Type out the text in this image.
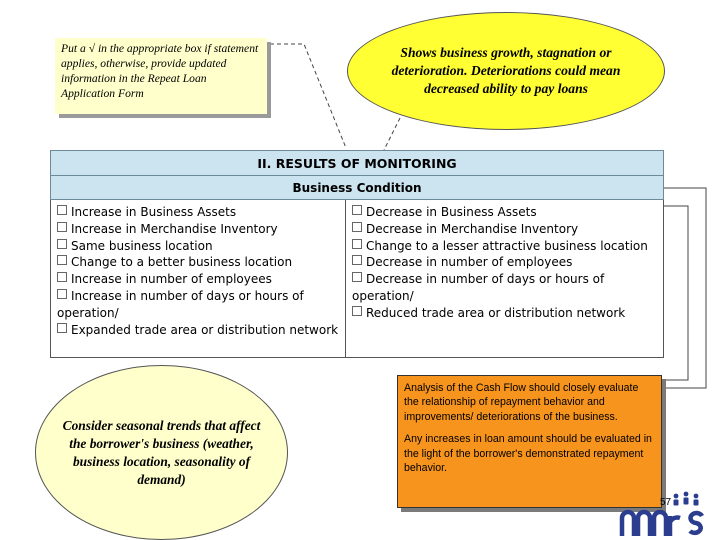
Put a √ in the appropriate box if statement applies, otherwise, provide updated information in the Repeat Loan Application Form
Shows business growth, stagnation or deterioration. Deteriorations could mean decreased ability to pay loans
II. RESULTS OF MONITORING
Business Condition

Increase in Business Assets

Increase in Merchandise Inventory

Same business location

Change to a better business location

Increase in number of employees

Increase in number of days or hours of operation/

Expanded trade area or distribution network

Decrease in Business Assets

Decrease in Merchandise Inventory

Change to a lesser attractive business location

Decrease in number of employees

Decrease in number of days or hours of operation/

Reduced trade area or distribution network

Consider seasonal trends that affect the borrower's business (weather, business location, seasonality of demand)

Analysis of the Cash Flow should closely evaluate the relationship of repayment behavior and improvements/ deteriorations of the business.

Any increases in loan amount should be evaluated in the light of the borrower's demonstrated repayment behavior.

57
